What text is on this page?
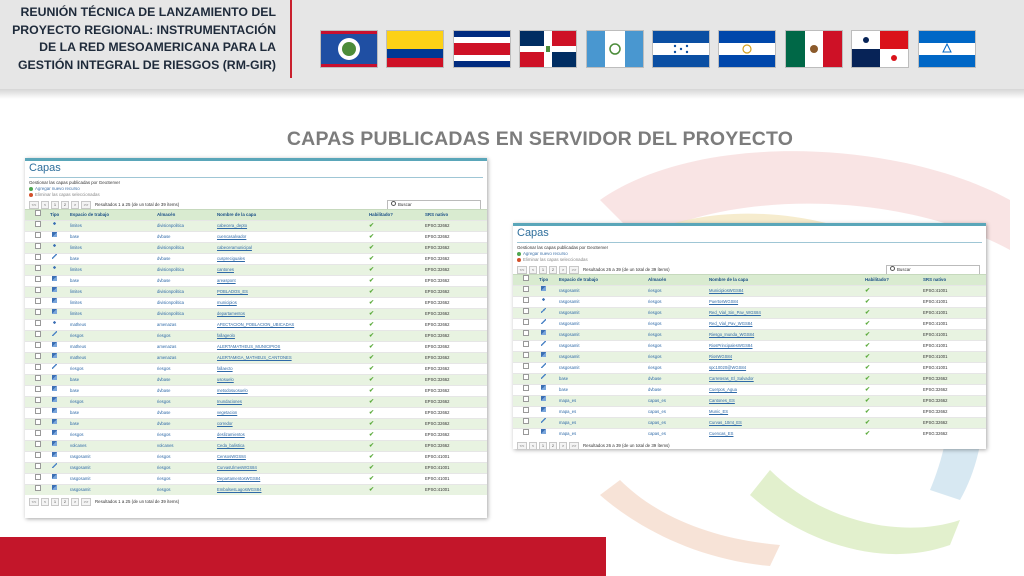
REUNIÓN TÉCNICA DE LANZAMIENTO DEL
PROYECTO REGIONAL: INSTRUMENTACIÓN
DE LA RED MESOAMERICANA PARA LA
GESTIÓN INTEGRAL DE RIESGOS (RM-GIR)
CAPAS PUBLICADAS EN SERVIDOR DEL PROYECTO
Capas
Gestionar las capas publicadas por GeoServer
Agregar nuevo recurso
Eliminar las capas seleccionadas
<<	<	1	2	>	>>	Resultados 1 a 25 (de un total de 39 ítems)	Buscar
Tipo Espacio de trabajo	Almacén	Nombre de la capa	Habilitado?	SRS nativo
limites	divisionpolitica	cabecera_depto	✔	EPSG:32662
base	dvbase	cuencasalvador	✔	EPSG:32662
limites	divisionpolitica	cabeceramunicipal	✔	EPSG:32662
base	dvbase	cuspreciguales	✔	EPSG:32662
limites	divisionpolitica	cantones	✔	EPSG:32662
base	dvbase	areaspont	✔	EPSG:32662
limites	divisionpolitica	POBLADOS_ES	✔	EPSG:32662
limites	divisionpolitica	municipios	✔	EPSG:32662
limites	divisionpolitica	departamentos	✔	EPSG:32662
matheus	amenazas	AFECTACION_POBLACION_UBICADAS	✔	EPSG:32662
riesgos	riesgos	fallageolo	✔	EPSG:32662
matheus	amenazas	ALERTAMATHEUS_MUNICIPIOS	✔	EPSG:32662
matheus	amenazas	ALERTAMIGA_MATHEUS_CANTONES	✔	EPSG:32662
riesgos	riesgos	fallaecto	✔	EPSG:32662
base	dvbase	usosuelo	✔	EPSG:32662
base	dvbase	metodosuosuelo	✔	EPSG:32662
riesgos	riesgos	Inundaciones	✔	EPSG:32662
base	dvbase	vegetacion	✔	EPSG:32662
base	dvbase	corredor	✔	EPSG:32662
riesgos	riesgos	deslizamientos	✔	EPSG:32662
volcanes	volcanes	Ceda_balistica	✔	EPSG:32662
rasgosamit	riesgos	CensosWGS84	✔	EPSG:41001
rasgosamit	riesgos	CurvasUlmesWGS84	✔	EPSG:41001
rasgosamit	riesgos	DepartamentosWGS84	✔	EPSG:41001
rasgosamit	riesgos	EmbalsesLagosWGS84	✔	EPSG:41001
<<	<	1	2	>	>>	Resultados 1 a 25 (de un total de 39 ítems)
Capas
Gestionar las capas publicadas por GeoServer
Agregar nuevo recurso
Eliminar las capas seleccionadas
<<	<	1	2	>	>>	Resultados 26 a 39 (de un total de 39 ítems)	Buscar
Tipo Espacio de trabajo	Almacén	Nombre de la capa	Habilitado?	SRS nativo
rasgosamit	riesgos	MunicipiosWGS84	✔	EPSG:41001
rasgosamit	riesgos	PuertosWGS84	✔	EPSG:41001
rasgosamit	riesgos	Red_Vial_Sin_Pav_WGS84	✔	EPSG:41001
rasgosamit	riesgos	Red_Vial_Pav_WGS84	✔	EPSG:41001
rasgosamit	riesgos	Riesgo_Inunda_WGS84	✔	EPSG:41001
rasgosamit	riesgos	RiosPrincipalesWGS84	✔	EPSG:41001
rasgosamit	riesgos	RiosWGS84	✔	EPSG:41001
rasgosamit	riesgos	spc10020@WGS84	✔	EPSG:41001
base	dvbase	Carreteras_El_Salvador	✔	EPSG:32662
base	dvbase	Cuerpos_Agua	✔	EPSG:32662
mapa_es	capas_es	Cantones_ES	✔	EPSG:32662
mapa_es	capas_es	Munic_ES	✔	EPSG:32662
mapa_es	capas_es	Curvas_10mt_ES	✔	EPSG:32662
mapa_es	capas_es	Cuencas_ES	✔	EPSG:32662
<<	<	1	2	>	>>	Resultados 26 a 39 (de un total de 39 ítems)
